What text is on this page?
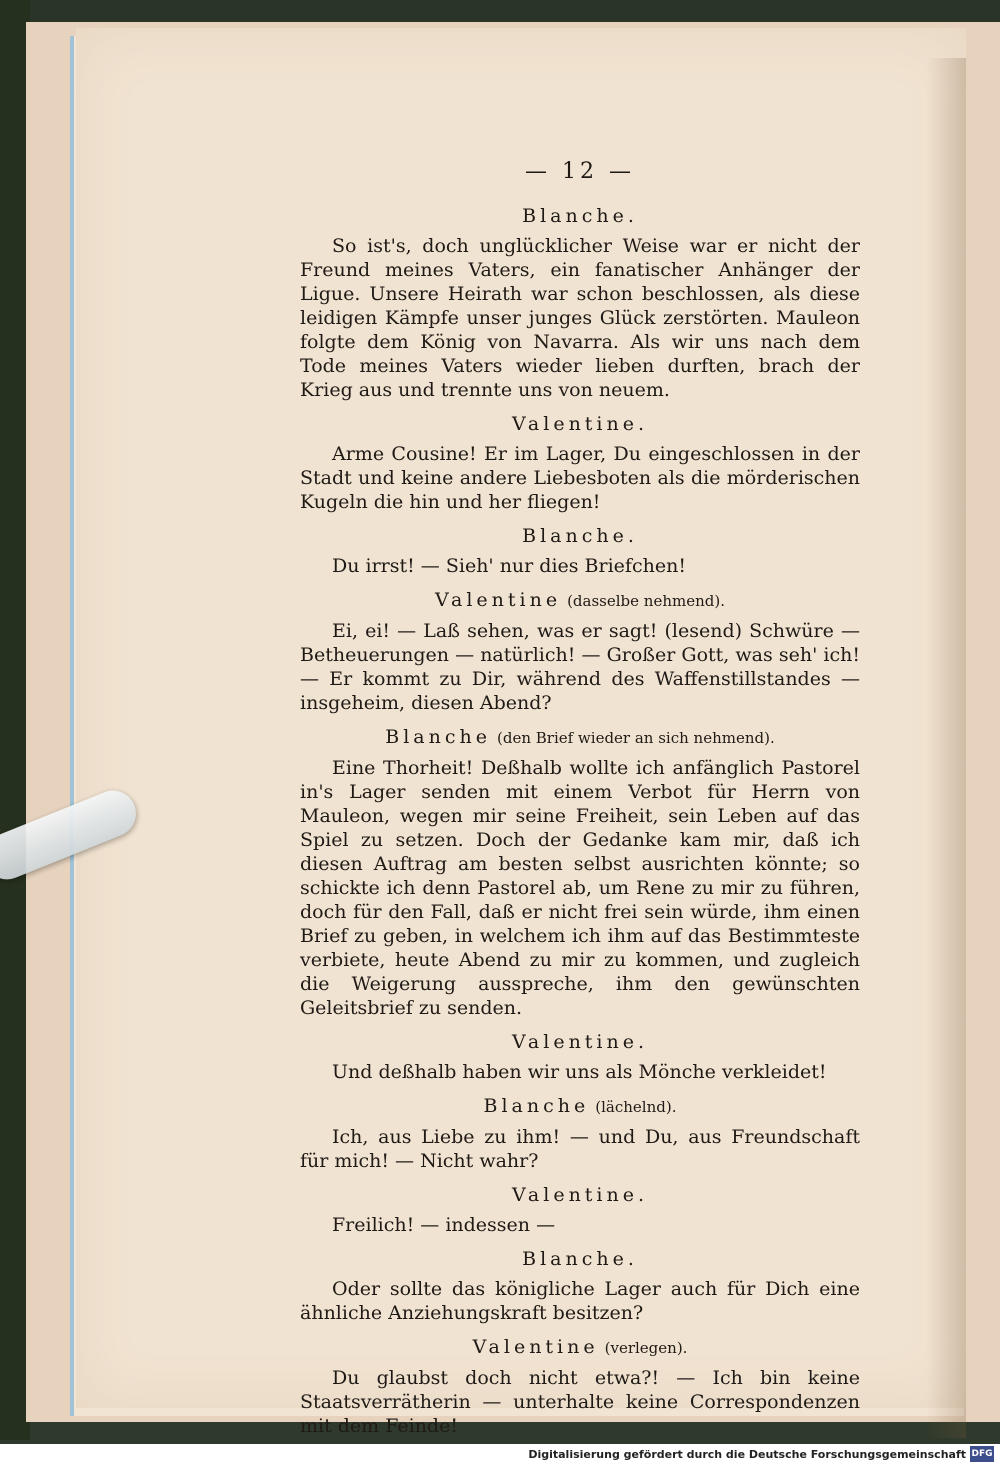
— 12 —
Blanche.

So ist's, doch unglücklicher Weise war er nicht der Freund meines Vaters, ein fanatischer Anhänger der Ligue. Unsere Heirath war schon beschlossen, als diese leidigen Kämpfe unser junges Glück zerstörten. Mauleon folgte dem König von Navarra. Als wir uns nach dem Tode meines Vaters wieder lieben durften, brach der Krieg aus und trennte uns von neuem.

Valentine.

Arme Cousine! Er im Lager, Du eingeschlossen in der Stadt und keine andere Liebesboten als die mörderischen Kugeln die hin und her fliegen!

Blanche.

Du irrst! — Sieh' nur dies Briefchen!

Valentine (dasselbe nehmend).

Ei, ei! — Laß sehen, was er sagt! (lesend) Schwüre — Betheuerungen — natürlich! — Großer Gott, was seh' ich! — Er kommt zu Dir, während des Waffenstillstandes — insgeheim, diesen Abend?

Blanche (den Brief wieder an sich nehmend).

Eine Thorheit! Deßhalb wollte ich anfänglich Pastorel in's Lager senden mit einem Verbot für Herrn von Mauleon, wegen mir seine Freiheit, sein Leben auf das Spiel zu setzen. Doch der Gedanke kam mir, daß ich diesen Auftrag am besten selbst ausrichten könnte; so schickte ich denn Pastorel ab, um Rene zu mir zu führen, doch für den Fall, daß er nicht frei sein würde, ihm einen Brief zu geben, in welchem ich ihm auf das Bestimmteste verbiete, heute Abend zu mir zu kommen, und zugleich die Weigerung ausspreche, ihm den gewünschten Geleitsbrief zu senden.

Valentine.

Und deßhalb haben wir uns als Mönche verkleidet!

Blanche (lächelnd).

Ich, aus Liebe zu ihm! — und Du, aus Freundschaft für mich! — Nicht wahr?

Valentine.

Freilich! — indessen —

Blanche.

Oder sollte das königliche Lager auch für Dich eine ähnliche Anziehungskraft besitzen?

Valentine (verlegen).

Du glaubst doch nicht etwa?! — Ich bin keine Staatsverrätherin — unterhalte keine Correspondenzen mit dem Feinde!

Digitalisierung gefördert durch die Deutsche Forschungsgemeinschaft DFG
